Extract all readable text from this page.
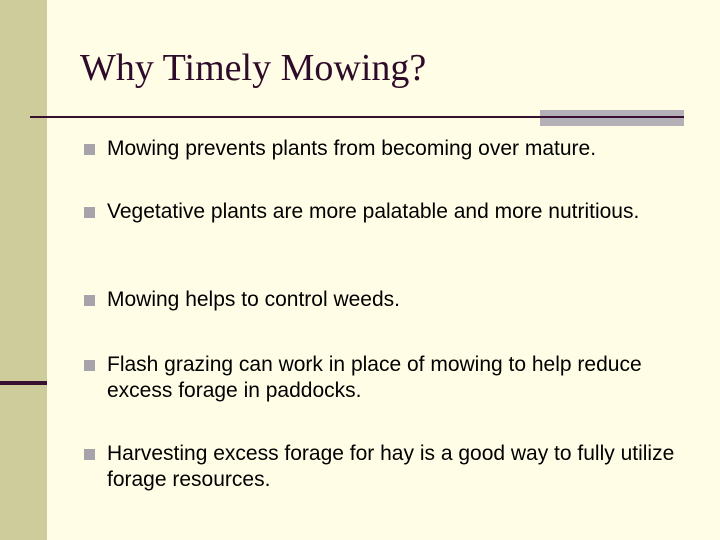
Why Timely Mowing?
Mowing prevents plants from becoming over mature.
Vegetative plants are more palatable and more nutritious.
Mowing helps to control weeds.
Flash grazing can work in place of mowing to help reduce excess forage in paddocks.
Harvesting excess forage for hay is a good way to fully utilize forage resources.
